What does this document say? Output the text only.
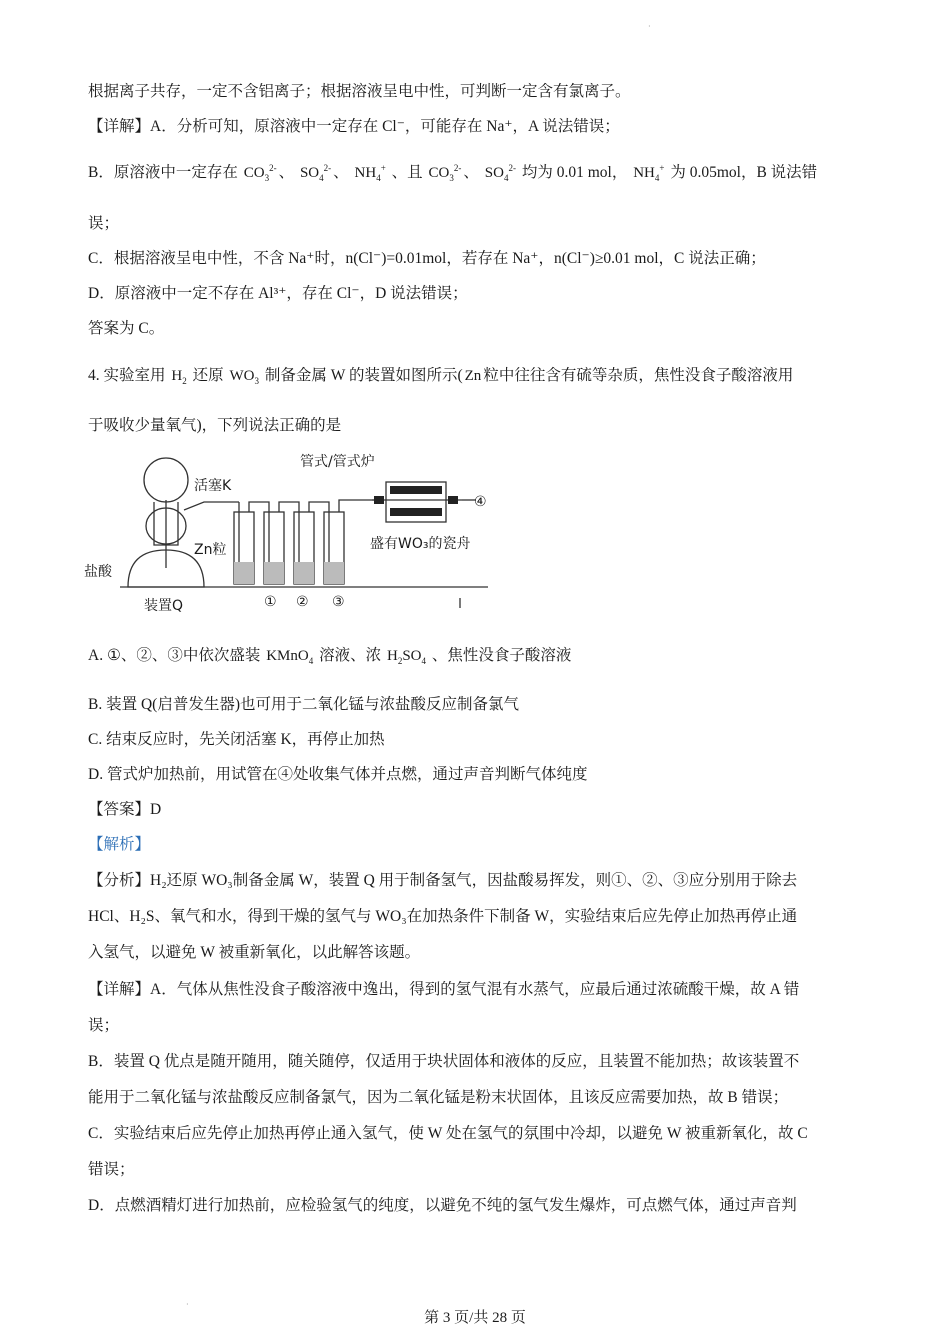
·
根据离子共存，一定不含铝离子；根据溶液呈电中性，可判断一定含有氯离子。
【详解】A．分析可知，原溶液中一定存在 Cl⁻，可能存在 Na⁺，A 说法错误；
B．原溶液中一定存在 $CO_3^{2-}$ 、 $SO_4^{2-}$ 、 $NH_4^+$ 、且 $CO_3^{2-}$ 、 $SO_4^{2-}$ 均为 0.01 mol， $NH_4^+$ 为 0.05mol，B 说法错
误；
C．根据溶液呈电中性，不含 Na⁺时，n(Cl⁻)=0.01mol，若存在 Na⁺，n(Cl⁻)≥0.01 mol，C 说法正确；
D．原溶液中一定不存在 Al³⁺，存在 Cl⁻，D 说法错误；
答案为 C。
4. 实验室用 $H_2$ 还原 $WO_3$ 制备金属 W 的装置如图所示( Zn 粒中往往含有硫等杂质，焦性没食子酸溶液用
于吸收少量氧气)，下列说法正确的是
管式/管式炉
活塞K
Zn粒
盐酸
装置Q
盛有WO₃的瓷舟
① ② ③
④
A. ①、②、③中依次盛装 KMnO$_4$ 溶液、浓 $H_2SO_4$ 、焦性没食子酸溶液
B. 装置 Q(启普发生器)也可用于二氧化锰与浓盐酸反应制备氯气
C. 结束反应时，先关闭活塞 K，再停止加热
D. 管式炉加热前，用试管在④处收集气体并点燃，通过声音判断气体纯度
【答案】D
【解析】
【分析】H₂还原 WO₃制备金属 W，装置 Q 用于制备氢气，因盐酸易挥发，则①、②、③应分别用于除去
HCl、H₂S、氧气和水，得到干燥的氢气与 WO₃在加热条件下制备 W，实验结束后应先停止加热再停止通
入氢气，以避免 W 被重新氧化，以此解答该题。
【详解】A．气体从焦性没食子酸溶液中逸出，得到的氢气混有水蒸气，应最后通过浓硫酸干燥，故 A 错
误；
B．装置 Q 优点是随开随用，随关随停，仅适用于块状固体和液体的反应，且装置不能加热；故该装置不
能用于二氧化锰与浓盐酸反应制备氯气，因为二氧化锰是粉末状固体，且该反应需要加热，故 B 错误；
C．实验结束后应先停止加热再停止通入氢气，使 W 处在氢气的氛围中冷却，以避免 W 被重新氧化，故 C
错误；
D．点燃酒精灯进行加热前，应检验氢气的纯度，以避免不纯的氢气发生爆炸，可点燃气体，通过声音判
·
第 3 页/共 28 页
